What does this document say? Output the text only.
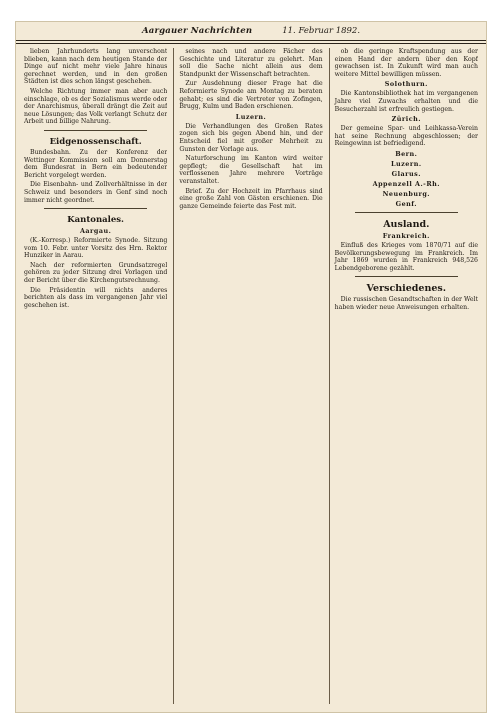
Aargauer Nachrichten	11. Februar 1892.

lieben Jahrhunderts lang unverschont blieben, kann nach dem heutigen Stande der Dinge auf nicht mehr viele Jahre hinaus gerechnet werden, und in den großen Städten ist dies schon längst geschehen.

Welche Richtung immer man aber auch einschlage, ob es der Sozialismus werde oder der Anarchismus, überall drängt die Zeit auf neue Lösungen; das Volk verlangt Schutz der Arbeit und billige Nahrung.

Eidgenossenschaft.

Bundesbahn. Zu der Konferenz der Wettinger Kommission soll am Donnerstag dem Bundesrat in Bern ein bedeutender Bericht vorgelegt werden.

Die Eisenbahn- und Zollverhältnisse in der Schweiz und besonders in Genf sind noch immer nicht geordnet.

Kantonales.
Aargau.

(K.-Korresp.) Reformierte Synode. Sitzung vom 10. Febr. unter Vorsitz des Hrn. Rektor Hunziker in Aarau.

Nach der reformierten Grundsatzregel gehören zu jeder Sitzung drei Vorlagen und der Bericht über die Kirchengutsrechnung.

Die Präsidentin will nichts anderes berichten als dass im vergangenen Jahr viel geschehen ist.

seines nach und andere Fächer des Geschichte und Literatur zu gelehrt. Man soll die Sache nicht allein aus dem Standpunkt der Wissenschaft betrachten.

Zur Ausdehnung dieser Frage hat die Reformierte Synode am Montag zu beraten gehabt; es sind die Vertreter von Zofingen, Brugg, Kulm und Baden erschienen.

Luzern.

Die Verhandlungen des Großen Rates zogen sich bis gegen Abend hin, und der Entscheid fiel mit großer Mehrheit zu Gunsten der Vorlage aus.

Naturforschung im Kanton wird weiter gepflegt; die Gesellschaft hat im verflossenen Jahre mehrere Vorträge veranstaltet.

Brief. Zu der Hochzeit im Pfarrhaus sind eine große Zahl von Gästen erschienen. Die ganze Gemeinde feierte das Fest mit.

ob die geringe Kraftspendung aus der einen Hand der andern über den Kopf gewachsen ist. In Zukunft wird man auch weitere Mittel bewilligen müssen.

Solothurn.

Die Kantonsbibliothek hat im vergangenen Jahre viel Zuwachs erhalten und die Besucherzahl ist erfreulich gestiegen.

Zürich.

Der gemeine Spar- und Leihkassa-Verein hat seine Rechnung abgeschlossen; der Reingewinn ist befriedigend.

Bern.
Luzern.
Glarus.
Appenzell A.-Rh.
Neuenburg.
Genf.
Ausland.
Frankreich.

Einfluß des Krieges vom 1870/71 auf die Bevölkerungsbewegung im Frankreich. Im Jahr 1869 wurden in Frankreich 948,526 Lebendgeborene gezählt.

Verschiedenes.

Die russischen Gesandtschaften in der Welt haben wieder neue Anweisungen erhalten.
